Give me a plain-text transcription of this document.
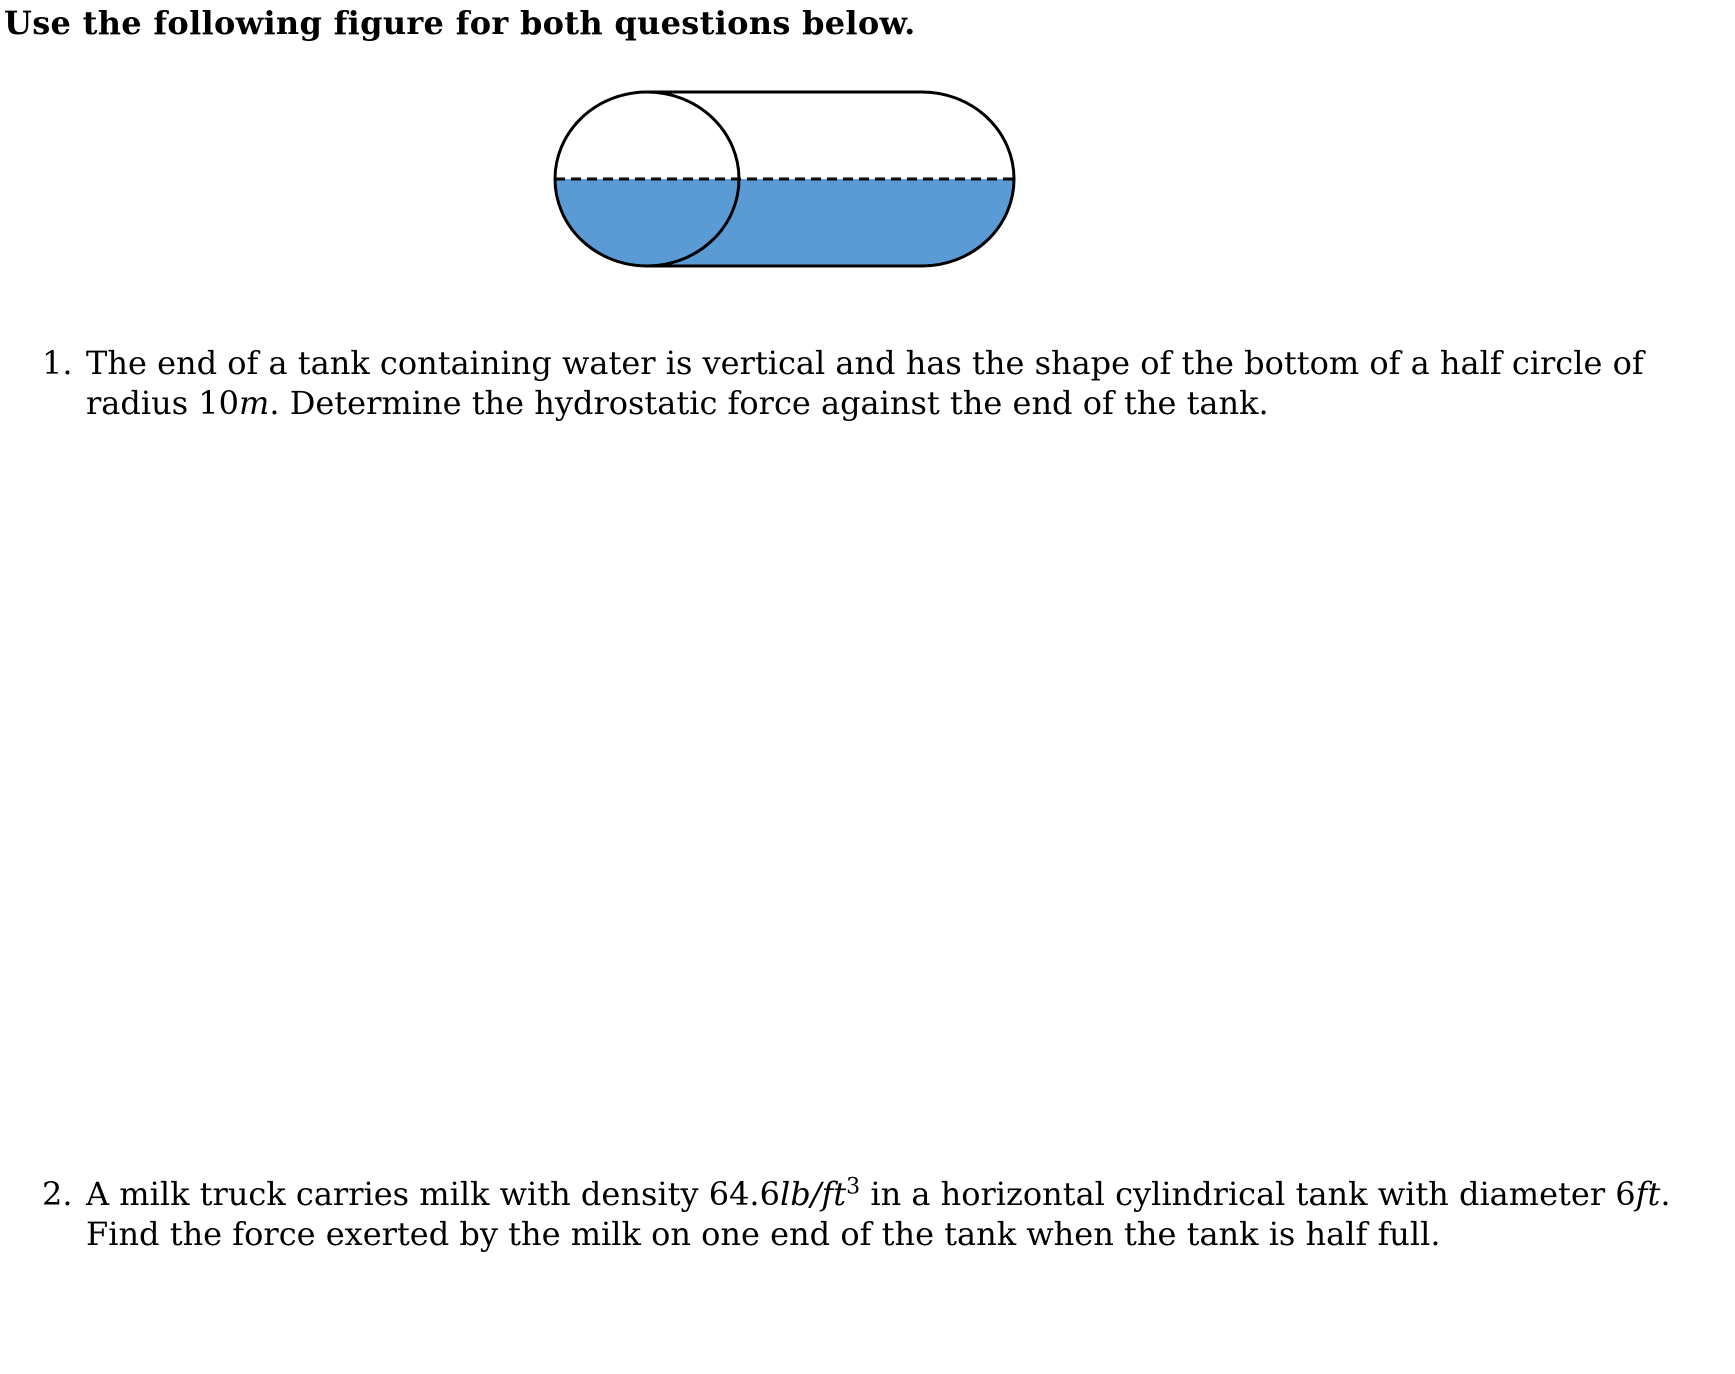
Use the following figure for both questions below.
1. The end of a tank containing water is vertical and has the shape of the bottom of a half circle of
radius 10m. Determine the hydrostatic force against the end of the tank.
2. A milk truck carries milk with density $64.6lb/ft^3$ in a horizontal cylindrical tank with diameter 6ft.
Find the force exerted by the milk on one end of the tank when the tank is half full.
